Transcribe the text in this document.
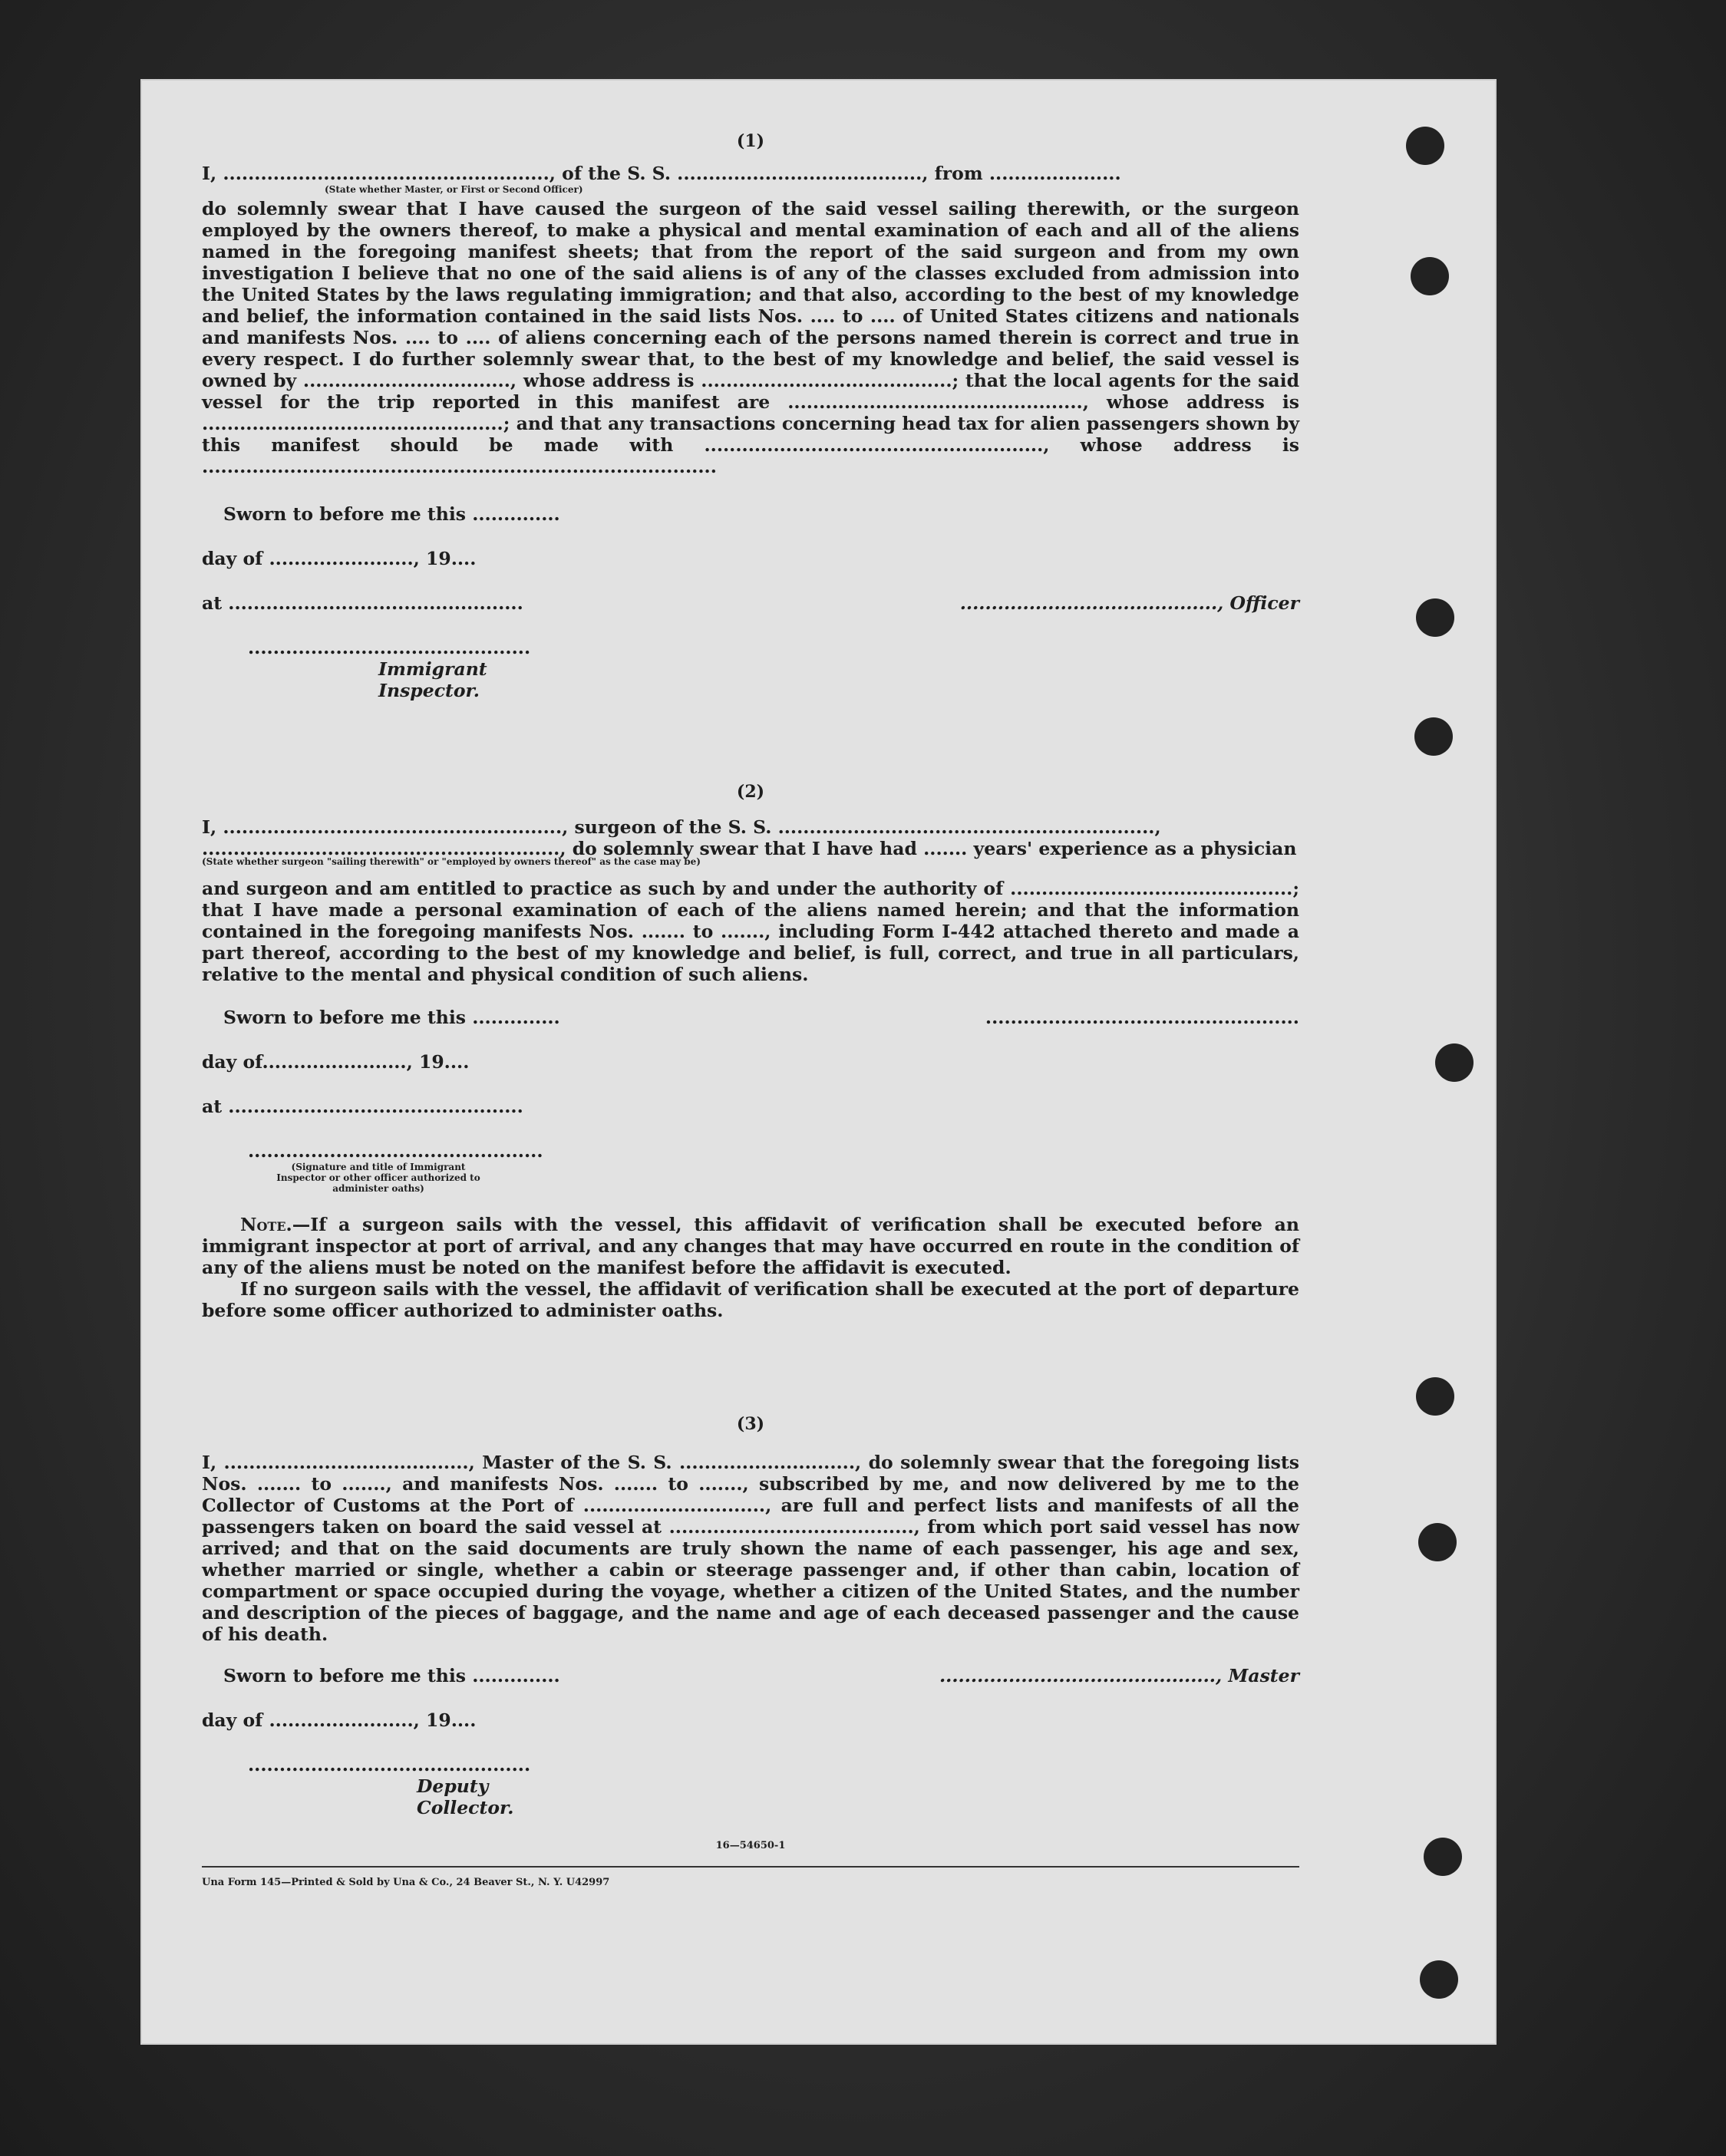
(1)
I, ...................................................., of the S. S. ......................................., from .....................
(State whether Master, or First or Second Officer)
do solemnly swear that I have caused the surgeon of the said vessel sailing therewith, or the surgeon employed by the owners thereof, to make a physical and mental examination of each and all of the aliens named in the foregoing manifest sheets; that from the report of the said surgeon and from my own investigation I believe that no one of the said aliens is of any of the classes excluded from admission into the United States by the laws regulating immigration; and that also, according to the best of my knowledge and belief, the information contained in the said lists Nos. .... to .... of United States citizens and nationals and manifests Nos. .... to .... of aliens concerning each of the persons named therein is correct and true in every respect. I do further solemnly swear that, to the best of my knowledge and belief, the said vessel is owned by ................................., whose address is ........................................; that the local agents for the said vessel for the trip reported in this manifest are ..............................................., whose address is ................................................; and that any transactions concerning head tax for alien passengers shown by this manifest should be made with ......................................................, whose address is ..................................................................................
Sworn to before me this ..............
day of ......................., 19....
at ...............................................
.............................................
Immigrant Inspector.

........................................., Officer
(2)
I, ......................................................, surgeon of the S. S. ............................................................,
........................................................., do solemnly swear that I have had ....... years' experience as a physician
(State whether surgeon "sailing therewith" or "employed by owners thereof" as the case may be)
and surgeon and am entitled to practice as such by and under the authority of .............................................; that I have made a personal examination of each of the aliens named herein; and that the information contained in the foregoing manifests Nos. ....... to ......., including Form I-442 attached thereto and made a part thereof, according to the best of my knowledge and belief, is full, correct, and true in all particulars, relative to the mental and physical condition of such aliens.
Sworn to before me this ..............
day of......................., 19....
at ...............................................
...............................................
(Signature and title of Immigrant Inspector or other officer authorized to administer oaths)
..................................................
Note.—If a surgeon sails with the vessel, this affidavit of verification shall be executed before an immigrant inspector at port of arrival, and any changes that may have occurred en route in the condition of any of the aliens must be noted on the manifest before the affidavit is executed.
If no surgeon sails with the vessel, the affidavit of verification shall be executed at the port of departure before some officer authorized to administer oaths.
(3)
I, ......................................., Master of the S. S. ............................, do solemnly swear that the foregoing lists Nos. ....... to ......., and manifests Nos. ....... to ......., subscribed by me, and now delivered by me to the Collector of Customs at the Port of ............................., are full and perfect lists and manifests of all the passengers taken on board the said vessel at ......................................., from which port said vessel has now arrived; and that on the said documents are truly shown the name of each passenger, his age and sex, whether married or single, whether a cabin or steerage passenger and, if other than cabin, location of compartment or space occupied during the voyage, whether a citizen of the United States, and the number and description of the pieces of baggage, and the name and age of each deceased passenger and the cause of his death.
Sworn to before me this ..............
day of ......................., 19....
.............................................
Deputy Collector.
............................................, Master
16—54650-1
Una Form 145—Printed & Sold by Una & Co., 24 Beaver St., N. Y. U42997
